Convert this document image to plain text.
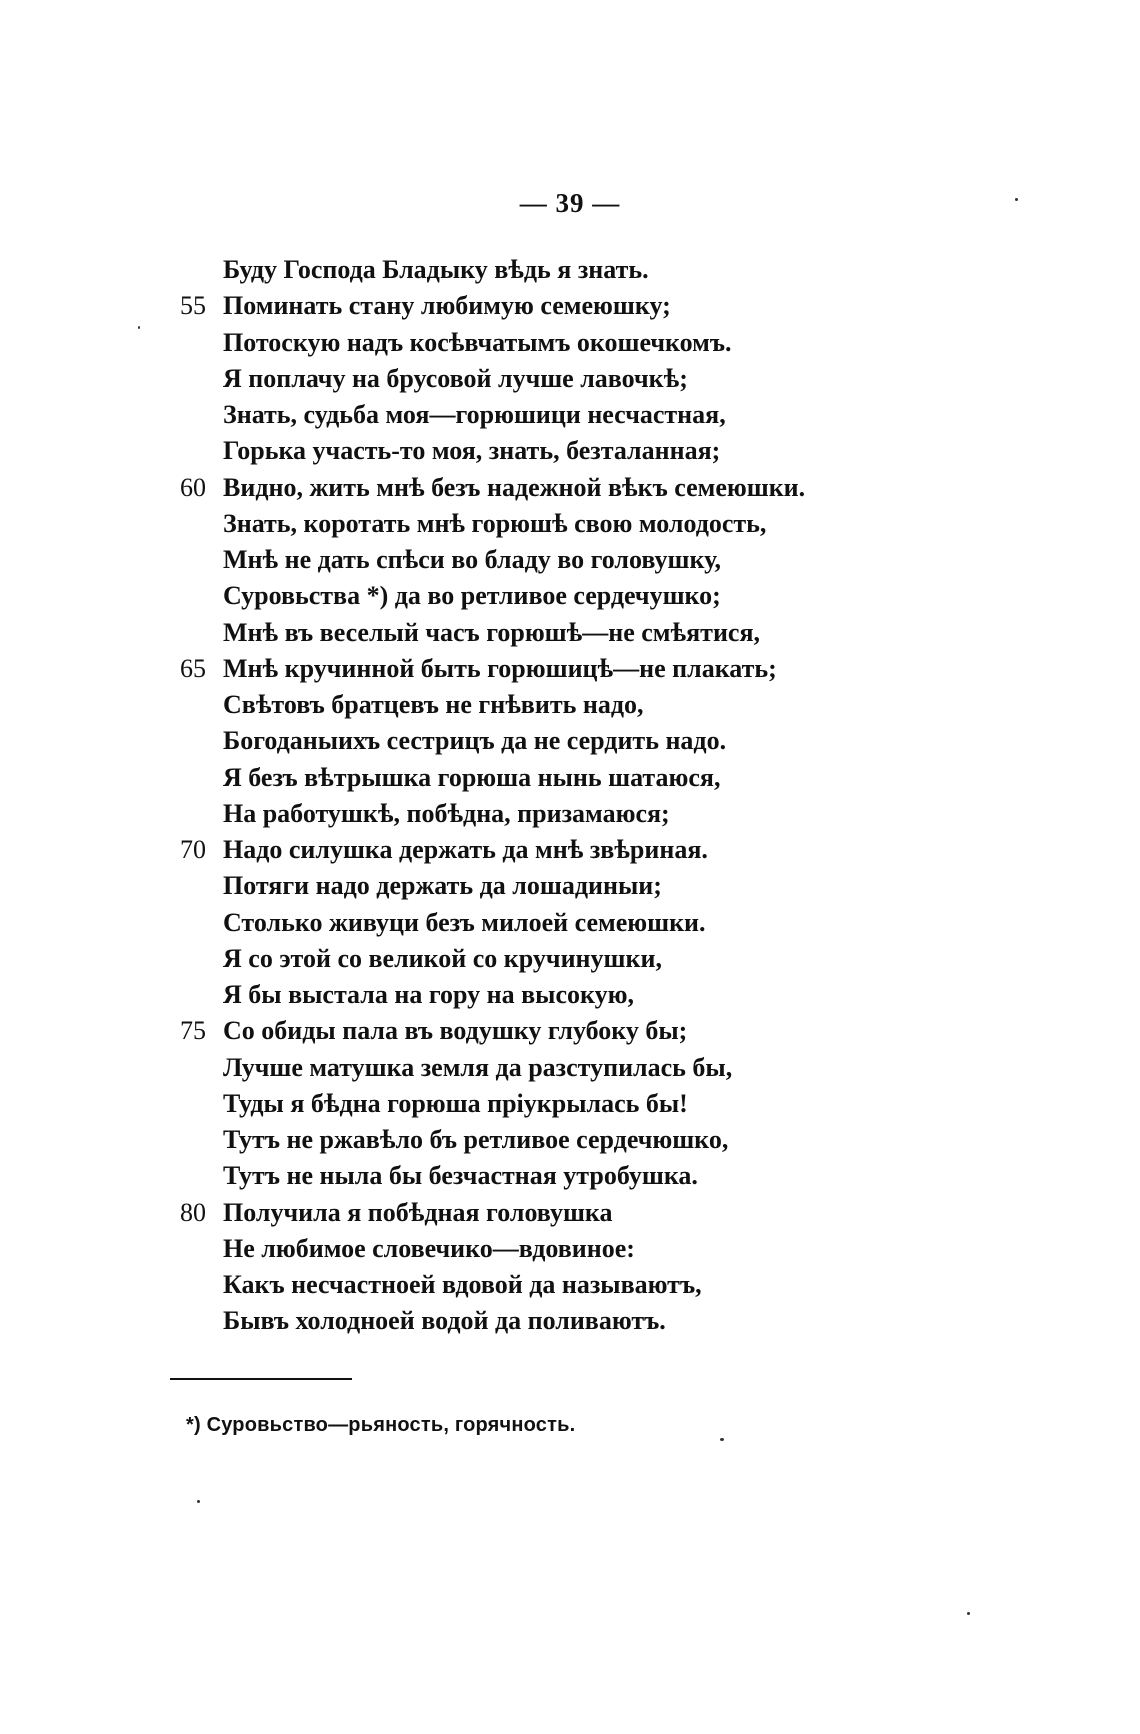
— 39 —
Буду Господа Бладыку вѣдь я знать.
55 Поминать стану любимую семеюшку;
Потоскую надъ косѣвчатымъ окошечкомъ.
Я поплачу на брусовой лучше лавочкѣ;
Знать, судьба моя—горюшици несчастная,
Горька участь-то моя, знать, безталанная;
60 Видно, жить мнѣ безъ надежной вѣкъ семеюшки.
Знать, коротать мнѣ горюшѣ свою молодость,
Мнѣ не дать спѣси во бладу во головушку,
Суровьства *) да во ретливое сердечушко;
Мнѣ въ веселый часъ горюшѣ—не смѣятися,
65 Мнѣ кручинной быть горюшицѣ—не плакать;
Свѣтовъ братцевъ не гнѣвить надо,
Богоданыихъ сестрицъ да не сердить надо.
Я безъ вѣтрышка горюша нынь шатаюся,
На работушкѣ, побѣдна, призамаюся;
70 Надо силушка держать да мнѣ звѣриная.
Потяги надо держать да лошадиныи;
Столько живуци безъ милоей семеюшки.
Я со этой со великой со кручинушки,
Я бы выстала на гору на высокую,
75 Со обиды пала въ водушку глубоку бы;
Лучше матушка земля да разступилась бы,
Туды я бѣдна горюша пріукрылась бы!
Тутъ не ржавѣло бъ ретливое сердечюшко,
Тутъ не ныла бы безчастная утробушка.
80 Получила я побѣдная головушка
Не любимое словечико—вдовиное:
Какъ несчастноей вдовой да называютъ,
Бывъ холодноей водой да поливаютъ.
*) Суровьство—рьяность, горячность.
